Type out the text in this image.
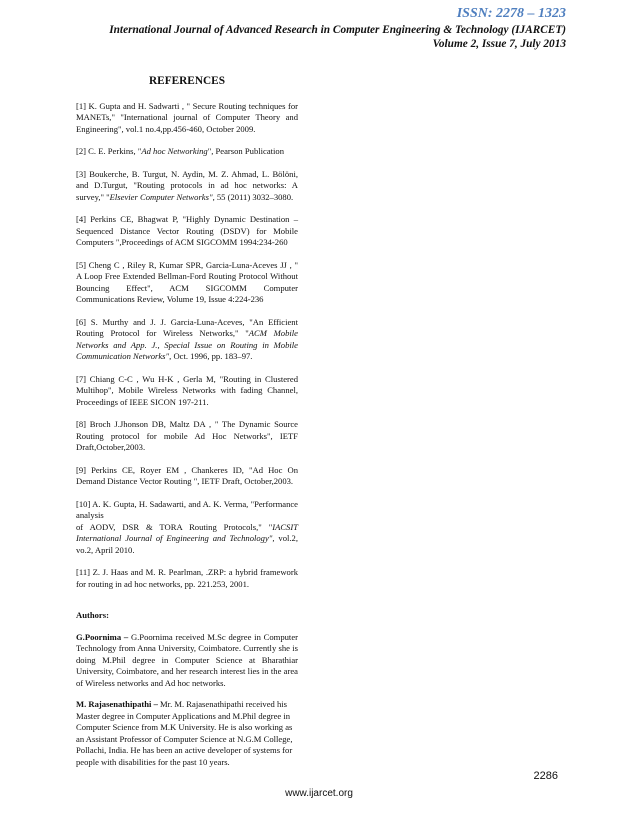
ISSN: 2278 – 1323
International Journal of Advanced Research in Computer Engineering & Technology (IJARCET)
Volume 2, Issue 7, July 2013
REFERENCES
[1] K. Gupta and H. Sadwarti , " Secure Routing techniques for MANETs," "International journal of Computer Theory and Engineering", vol.1 no.4,pp.456-460, October 2009.
[2] C. E. Perkins, "Ad hoc Networking", Pearson Publication
[3] Boukerche, B. Turgut, N. Aydin, M. Z. Ahmad, L. Bölöni, and D.Turgut, "Routing protocols in ad hoc networks: A survey," "Elsevier Computer Networks", 55 (2011) 3032–3080.
[4] Perkins CE, Bhagwat P, "Highly Dynamic Destination – Sequenced Distance Vector Routing (DSDV) for Mobile Computers ",Proceedings of ACM SIGCOMM 1994:234-260
[5] Cheng C , Riley R, Kumar SPR, Garcia-Luna-Aceves JJ , " A Loop Free Extended Bellman-Ford Routing Protocol Without Bouncing Effect", ACM SIGCOMM Computer Communications Review, Volume 19, Issue 4:224-236
[6] S. Murthy and J. J. Garcia-Luna-Aceves, "An Efficient Routing Protocol for Wireless Networks," "ACM Mobile Networks and App. J., Special Issue on Routing in Mobile Communication Networks", Oct. 1996, pp. 183–97.
[7] Chiang C-C , Wu H-K , Gerla M, "Routing in Clustered Multihop", Mobile Wireless Networks with fading Channel, Proceedings of IEEE SICON 197-211.
[8] Broch J.Jhonson DB, Maltz DA , " The Dynamic Source Routing protocol for mobile Ad Hoc Networks", IETF Draft,October,2003.
[9] Perkins CE, Royer EM , Chankeres ID, "Ad Hoc On Demand Distance Vector Routing ", IETF Draft, October,2003.
[10] A. K. Gupta, H. Sadawarti, and A. K. Verma, "Performance analysis
of AODV, DSR & TORA Routing Protocols," "IACSIT International Journal of Engineering and Technology", vol.2, vo.2, April 2010.
[11] Z. J. Haas and M. R. Pearlman, .ZRP: a hybrid framework for routing in ad hoc networks, pp. 221.253, 2001.
Authors:
G.Poornima – G.Poornima received M.Sc degree in Computer Technology from Anna University, Coimbatore. Currently she is doing M.Phil degree in Computer Science at Bharathiar University, Coimbatore, and her research interest lies in the area of Wireless networks and Ad hoc networks.
M. Rajasenathipathi – Mr. M. Rajasenathipathi received his Master degree in Computer Applications and M.Phil degree in Computer Science from M.K University. He is also working as an Assistant Professor of Computer Science at N.G.M College, Pollachi, India. He has been an active developer of systems for people with disabilities for the past 10 years.
2286
www.ijarcet.org
